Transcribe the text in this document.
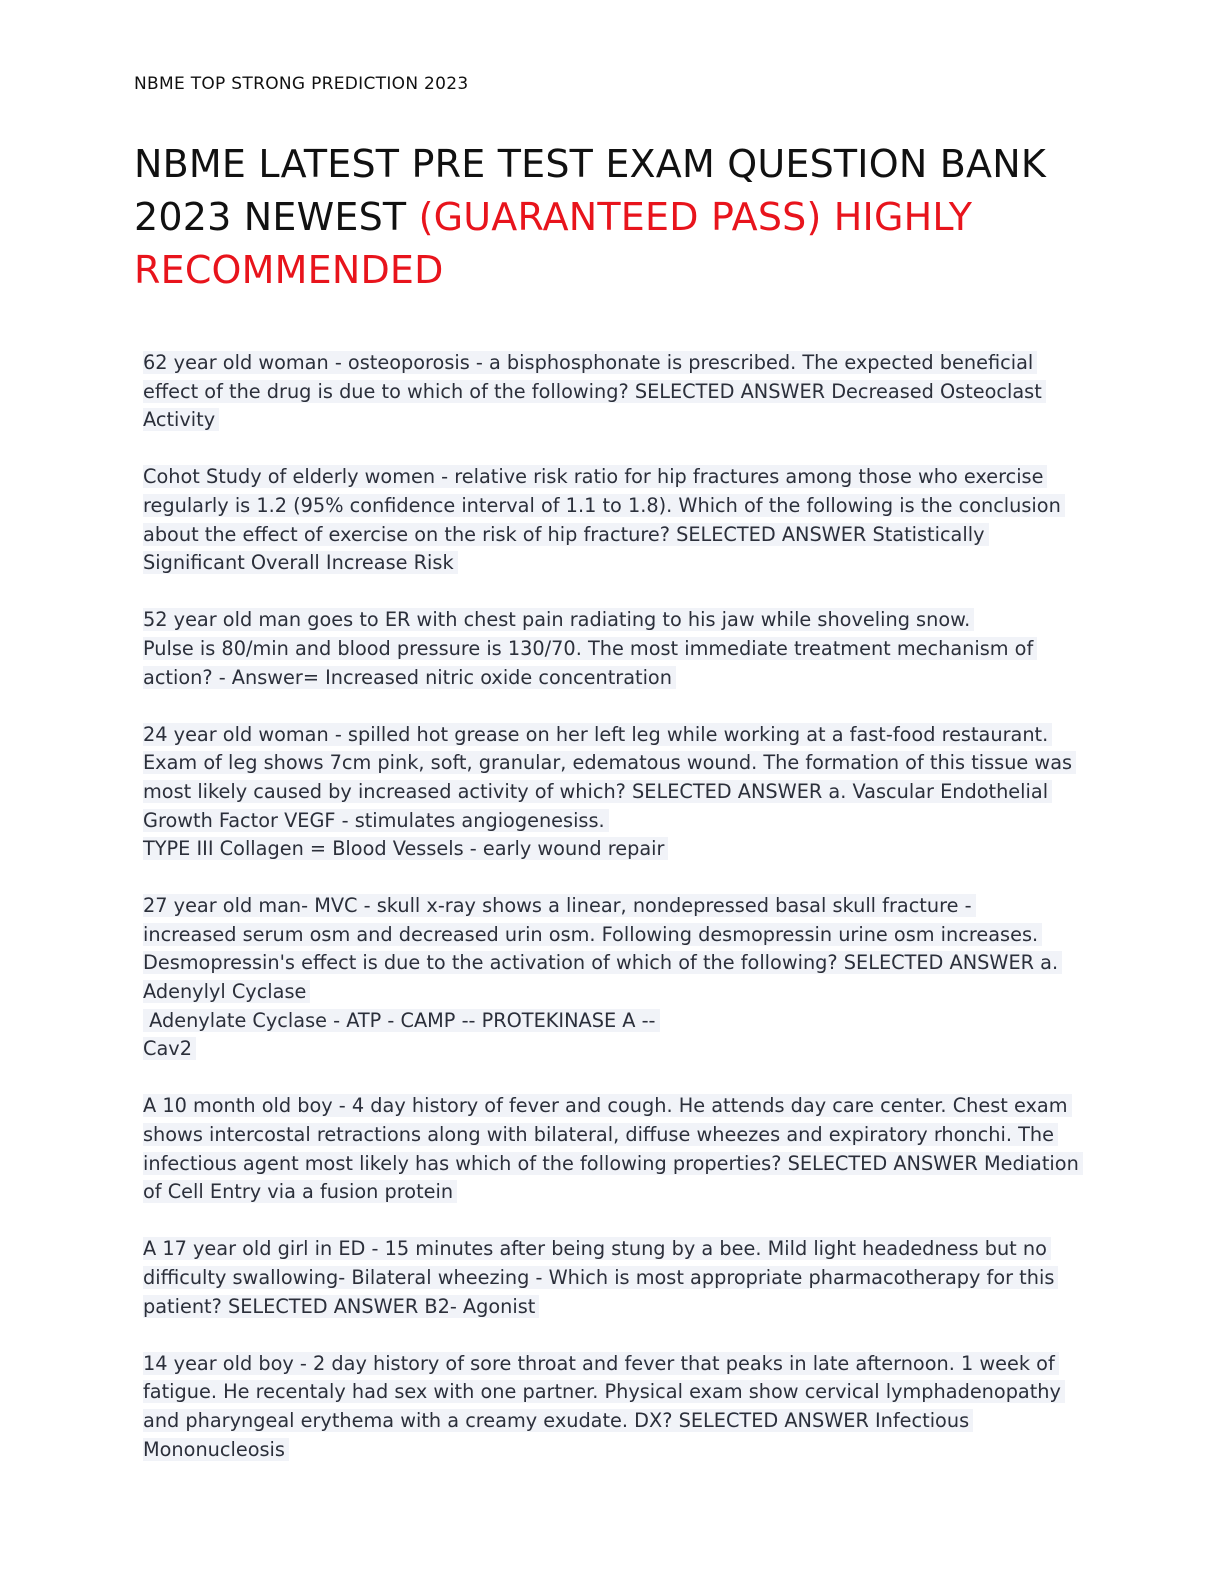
NBME TOP STRONG PREDICTION 2023
NBME LATEST PRE TEST EXAM QUESTION BANK
2023 NEWEST (GUARANTEED PASS) HIGHLY
RECOMMENDED
62 year old woman - osteoporosis - a bisphosphonate is prescribed. The expected beneficial
effect of the drug is due to which of the following? SELECTED ANSWER Decreased Osteoclast
Activity
Cohot Study of elderly women - relative risk ratio for hip fractures among those who exercise
regularly is 1.2 (95% confidence interval of 1.1 to 1.8). Which of the following is the conclusion
about the effect of exercise on the risk of hip fracture? SELECTED ANSWER Statistically
Significant Overall Increase Risk
52 year old man goes to ER with chest pain radiating to his jaw while shoveling snow.
Pulse is 80/min and blood pressure is 130/70. The most immediate treatment mechanism of
action? - Answer= Increased nitric oxide concentration
24 year old woman - spilled hot grease on her left leg while working at a fast-food restaurant.
Exam of leg shows 7cm pink, soft, granular, edematous wound. The formation of this tissue was
most likely caused by increased activity of which? SELECTED ANSWER a. Vascular Endothelial
Growth Factor VEGF - stimulates angiogenesiss.
TYPE III Collagen = Blood Vessels - early wound repair
27 year old man- MVC - skull x-ray shows a linear, nondepressed basal skull fracture -
increased serum osm and decreased urin osm. Following desmopressin urine osm increases.
Desmopressin's effect is due to the activation of which of the following? SELECTED ANSWER a.
Adenylyl Cyclase
Adenylate Cyclase - ATP - CAMP -- PROTEKINASE A --
Cav2
A 10 month old boy - 4 day history of fever and cough. He attends day care center. Chest exam
shows intercostal retractions along with bilateral, diffuse wheezes and expiratory rhonchi. The
infectious agent most likely has which of the following properties? SELECTED ANSWER Mediation
of Cell Entry via a fusion protein
A 17 year old girl in ED - 15 minutes after being stung by a bee. Mild light headedness but no
difficulty swallowing- Bilateral wheezing - Which is most appropriate pharmacotherapy for this
patient? SELECTED ANSWER B2- Agonist
14 year old boy - 2 day history of sore throat and fever that peaks in late afternoon. 1 week of
fatigue. He recentaly had sex with one partner. Physical exam show cervical lymphadenopathy
and pharyngeal erythema with a creamy exudate. DX? SELECTED ANSWER Infectious
Mononucleosis
